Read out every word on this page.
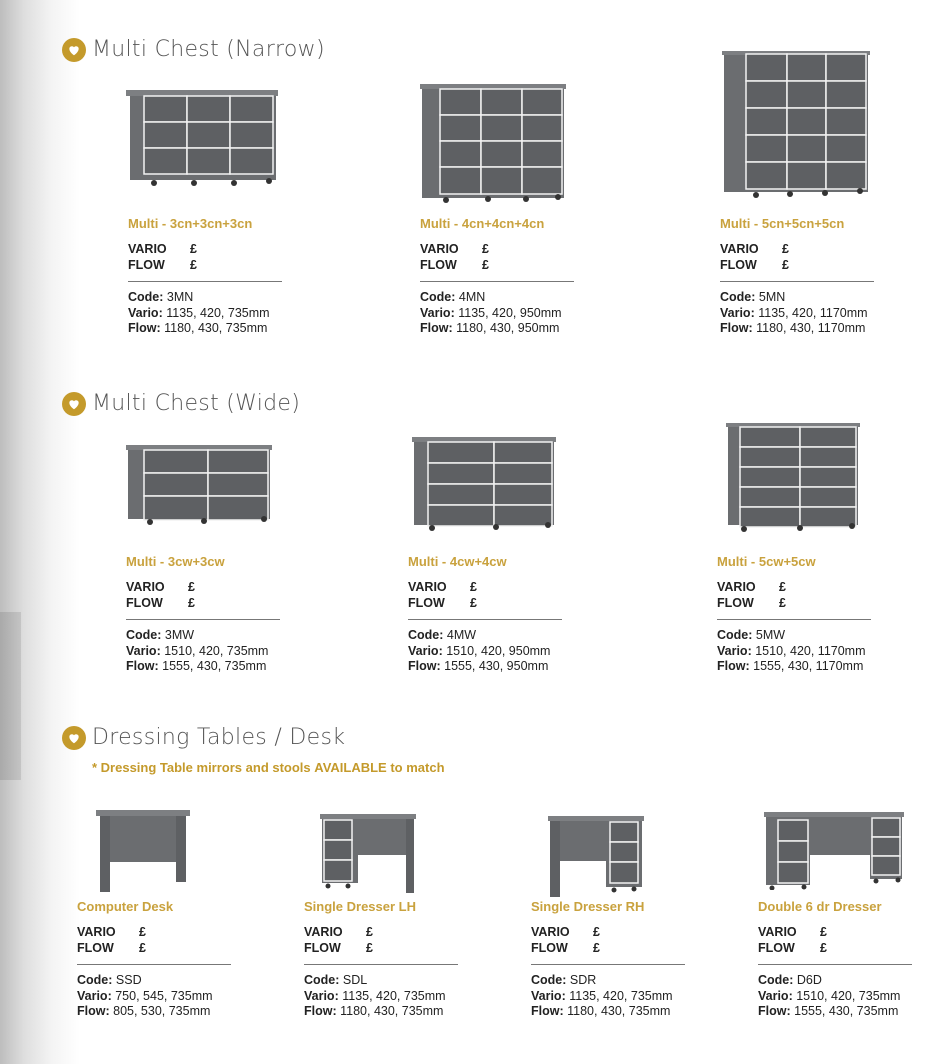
Multi Chest (Narrow)
Multi Chest (Wide)
Dressing Tables / Desk
* Dressing Table mirrors and stools AVAILABLE to match
Multi - 3cn+3cn+3cn
VARIO	£
FLOW	£
Code: 3MN
Vario: 1135, 420, 735mm
Flow: 1180, 430, 735mm
Multi - 4cn+4cn+4cn
VARIO	£
FLOW	£
Code: 4MN
Vario: 1135, 420, 950mm
Flow: 1180, 430, 950mm
Multi - 5cn+5cn+5cn
VARIO	£
FLOW	£
Code: 5MN
Vario: 1135, 420, 1170mm
Flow: 1180, 430, 1170mm
Multi - 3cw+3cw
VARIO	£
FLOW	£
Code: 3MW
Vario: 1510, 420, 735mm
Flow: 1555, 430, 735mm
Multi - 4cw+4cw
VARIO	£
FLOW	£
Code: 4MW
Vario: 1510, 420, 950mm
Flow: 1555, 430, 950mm
Multi - 5cw+5cw
VARIO	£
FLOW	£
Code: 5MW
Vario: 1510, 420, 1170mm
Flow: 1555, 430, 1170mm
Computer Desk
VARIO	£
FLOW	£
Code: SSD
Vario: 750, 545, 735mm
Flow: 805, 530, 735mm
Single Dresser LH
VARIO	£
FLOW	£
Code: SDL
Vario: 1135, 420, 735mm
Flow: 1180, 430, 735mm
Single Dresser RH
VARIO	£
FLOW	£
Code: SDR
Vario: 1135, 420, 735mm
Flow: 1180, 430, 735mm
Double 6 dr Dresser
VARIO	£
FLOW	£
Code: D6D
Vario: 1510, 420, 735mm
Flow: 1555, 430, 735mm
